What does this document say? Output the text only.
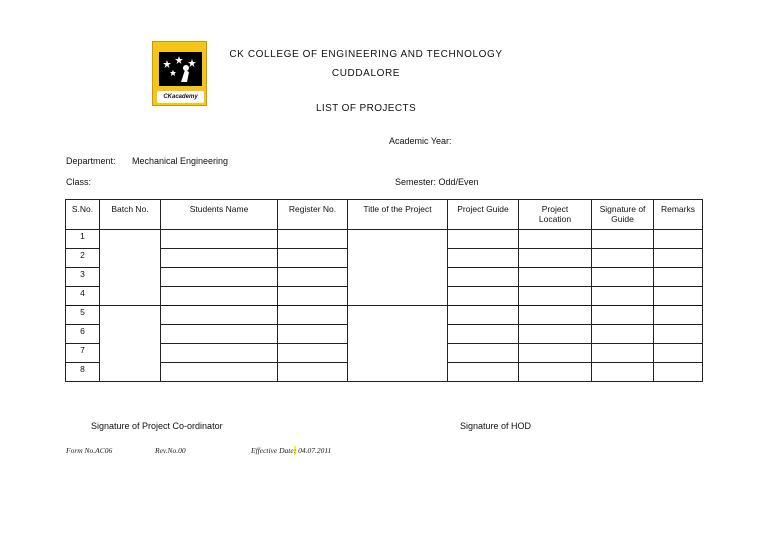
CKacademy
CK COLLEGE OF ENGINEERING AND TECHNOLOGY
CUDDALORE
LIST OF PROJECTS
Academic Year:
Department: Mechanical Engineering
Class:	Semester: Odd/Even
S.No.	Batch No.	Students Name	Register No.	Title of the Project	Project Guide	Project Location	Signature of Guide	Remarks
1								
2								
3								
4								
5								
6								
7								
8								
Signature of Project Co-ordinator	Signature of HOD
Form No.AC06	Rev.No.00	Effective Date: 04.07.2011
